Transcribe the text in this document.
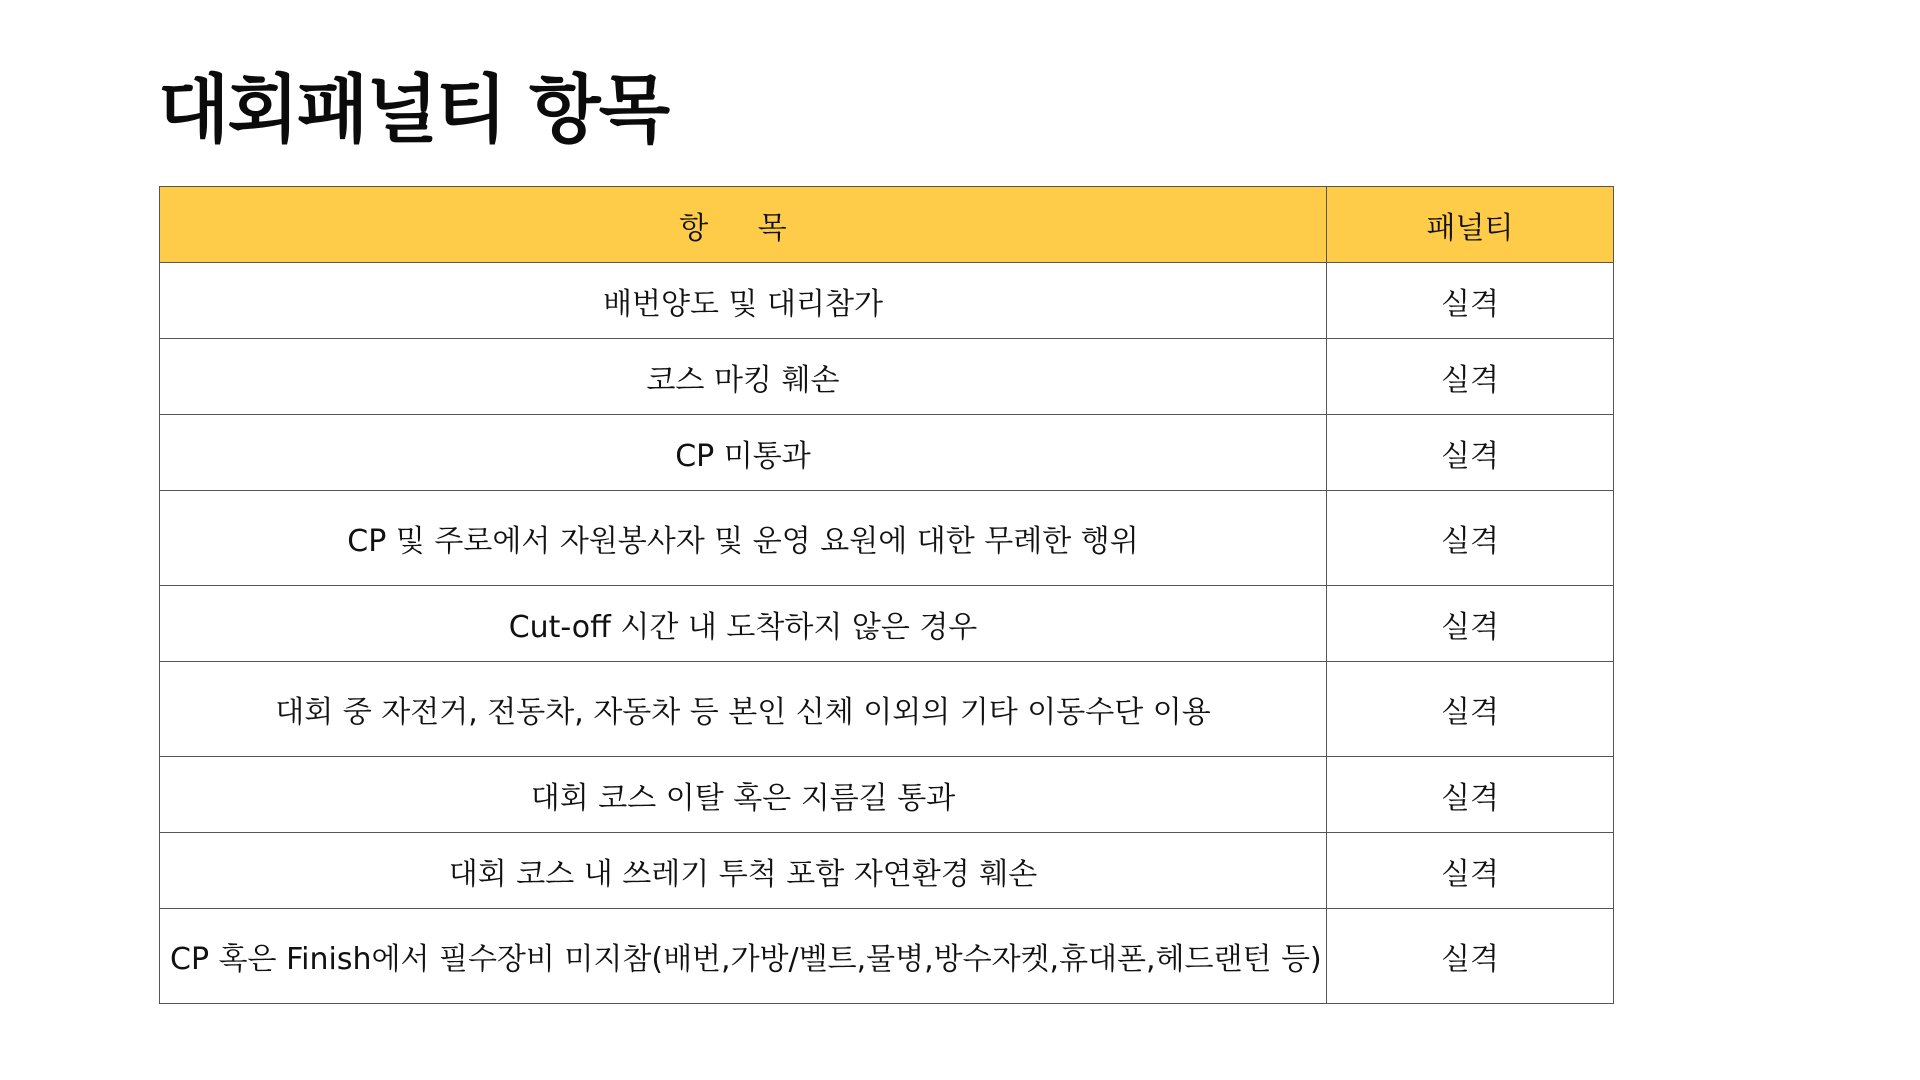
대회패널티 항목
항 목	패널티
배번양도 및 대리참가	실격
코스 마킹 훼손	실격
CP 미통과	실격
CP 및 주로에서 자원봉사자 및 운영 요원에 대한 무례한 행위	실격
Cut-off 시간 내 도착하지 않은 경우	실격
대회 중 자전거, 전동차, 자동차 등 본인 신체 이외의 기타 이동수단 이용	실격
대회 코스 이탈 혹은 지름길 통과	실격
대회 코스 내 쓰레기 투척 포함 자연환경 훼손	실격
CP 혹은 Finish에서 필수장비 미지참(배번,가방/벨트,물병,방수자켓,휴대폰,헤드랜턴 등)	실격
